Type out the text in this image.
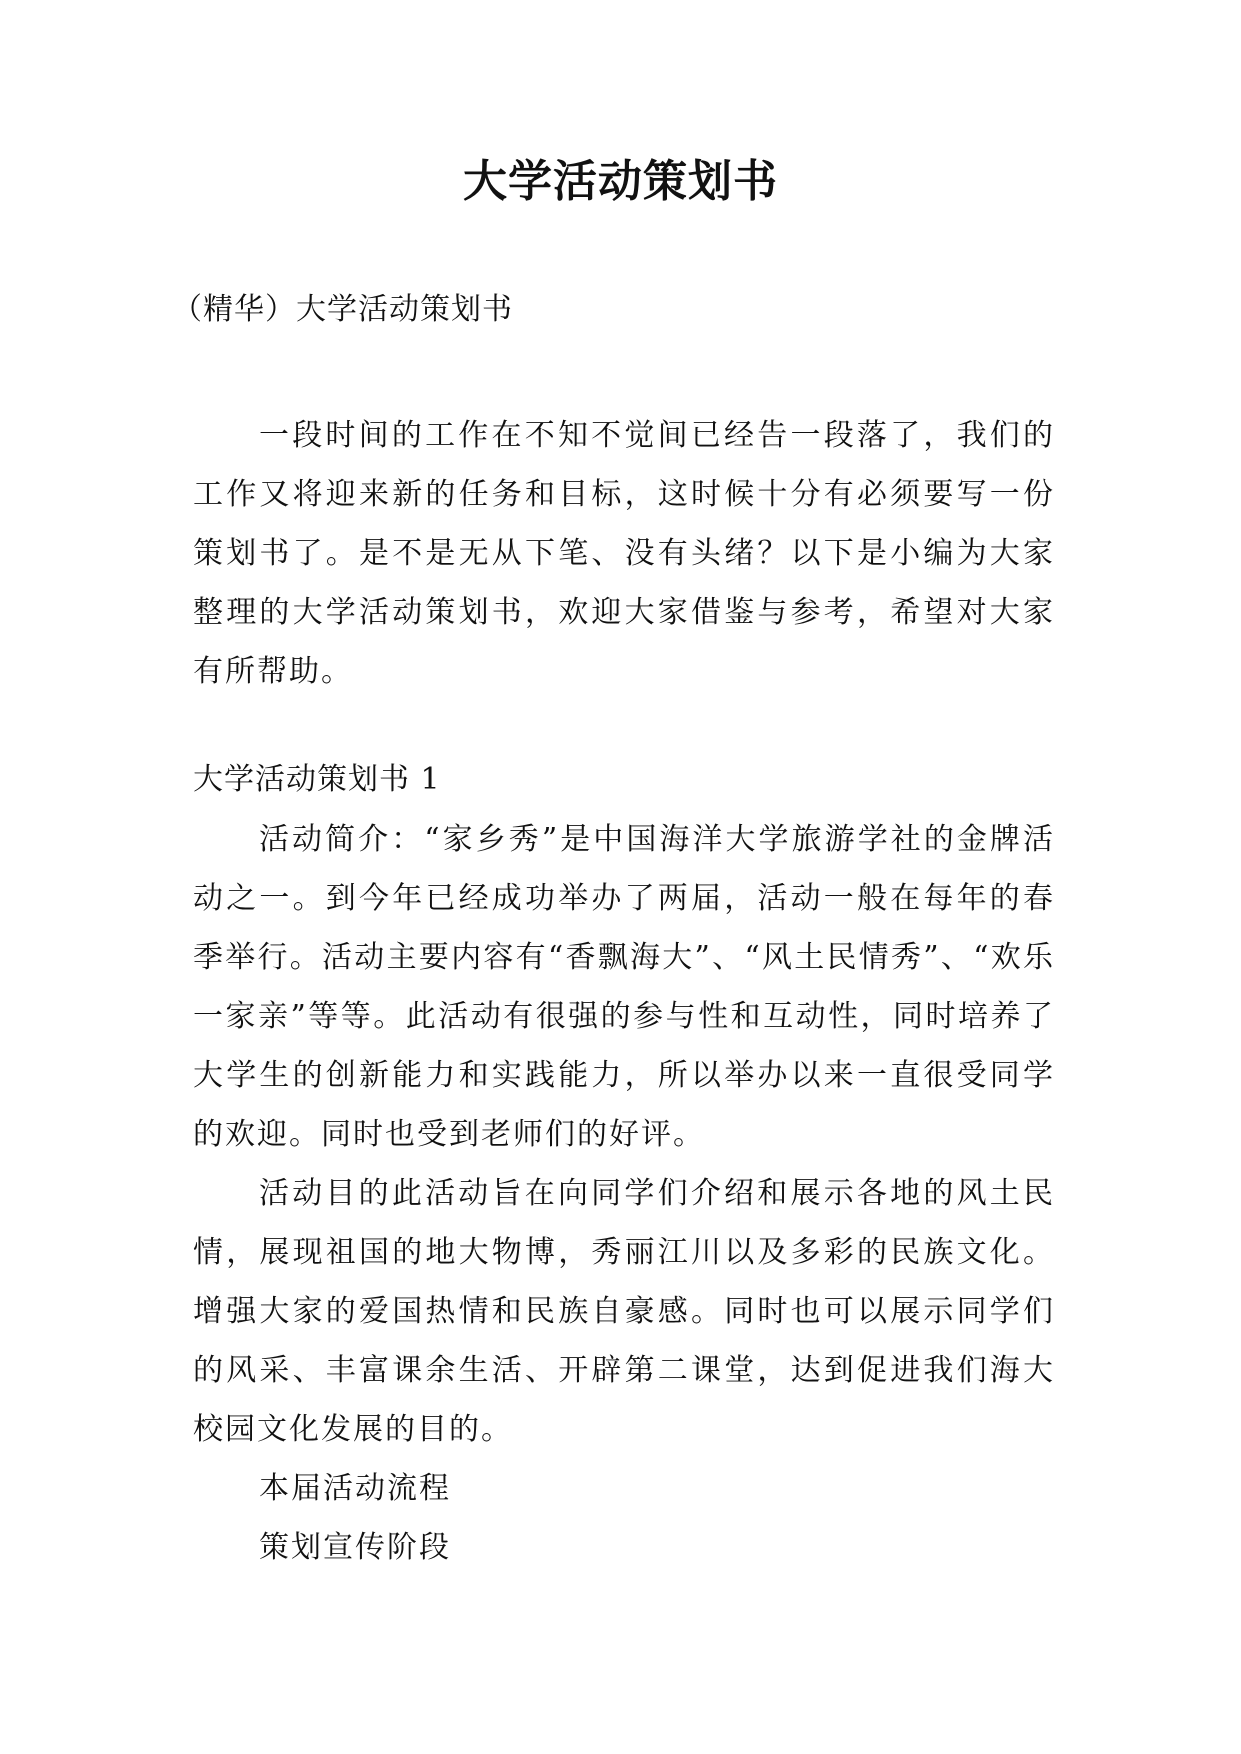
大学活动策划书

（精华）大学活动策划书

一段时间的工作在不知不觉间已经告一段落了，我们的工作又将迎来新的任务和目标，这时候十分有必须要写一份策划书了。是不是无从下笔、没有头绪？以下是小编为大家整理的大学活动策划书，欢迎大家借鉴与参考，希望对大家有所帮助。

大学活动策划书 1

活动简介：“家乡秀”是中国海洋大学旅游学社的金牌活动之一。到今年已经成功举办了两届，活动一般在每年的春季举行。活动主要内容有“香飘海大”、“风土民情秀”、“欢乐一家亲”等等。此活动有很强的参与性和互动性，同时培养了大学生的创新能力和实践能力，所以举办以来一直很受同学的欢迎。同时也受到老师们的好评。

活动目的此活动旨在向同学们介绍和展示各地的风土民情，展现祖国的地大物博，秀丽江川以及多彩的民族文化。增强大家的爱国热情和民族自豪感。同时也可以展示同学们的风采、丰富课余生活、开辟第二课堂，达到促进我们海大校园文化发展的目的。

本届活动流程

策划宣传阶段
